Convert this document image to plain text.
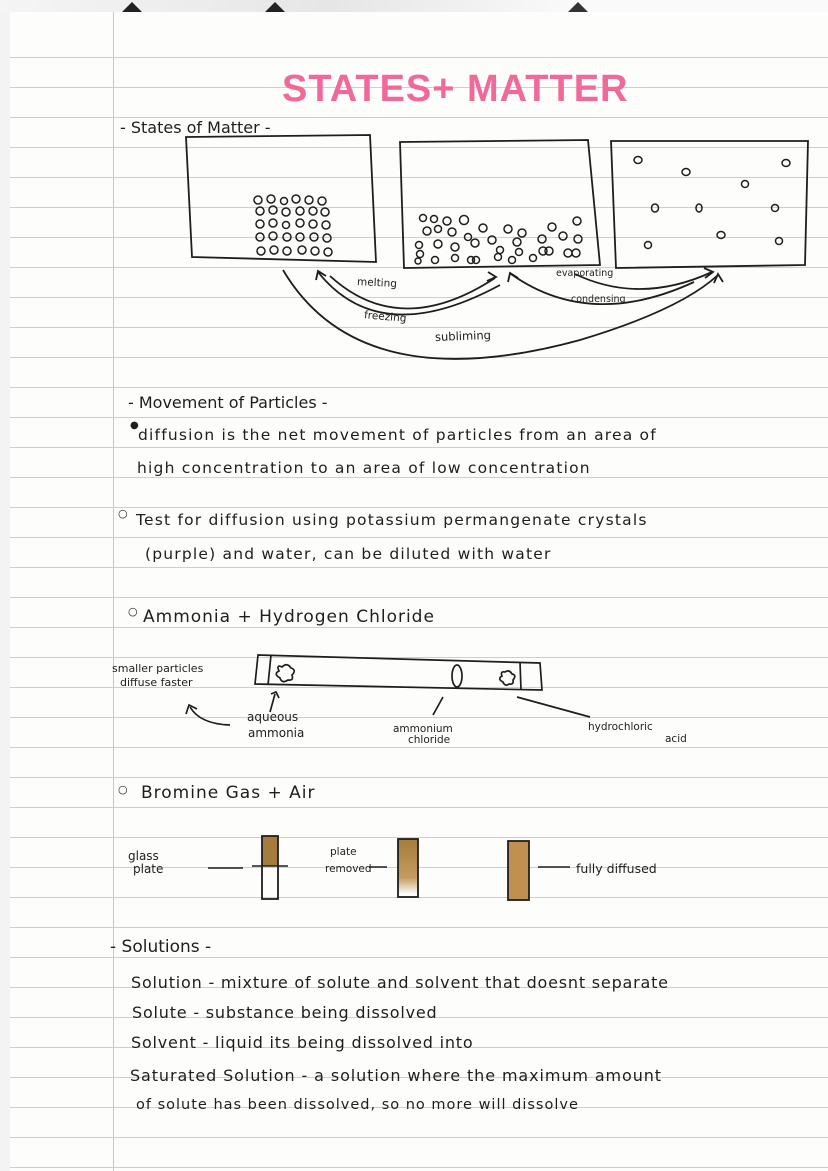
STATES+ MATTER
- States of Matter -
melting
freezing
evaporating
condensing
subliming
- Movement of Particles -
●
diffusion is the net movement of particles from an area of
high concentration to an area of low concentration
○ Test for diffusion using potassium permangenate crystals
(purple) and water, can be diluted with water
○ Ammonia + Hydrogen Chloride
smaller particles
diffuse faster
aqueous
ammonia	ammonium
chloride
hydrochloric
acid
○ Bromine Gas + Air
glass
plate
plate
removed	fully diffused
- Solutions -
Solution - mixture of solute and solvent that doesnt separate
Solute - substance being dissolved
Solvent - liquid its being dissolved into
Saturated Solution - a solution where the maximum amount
of solute has been dissolved, so no more will dissolve
